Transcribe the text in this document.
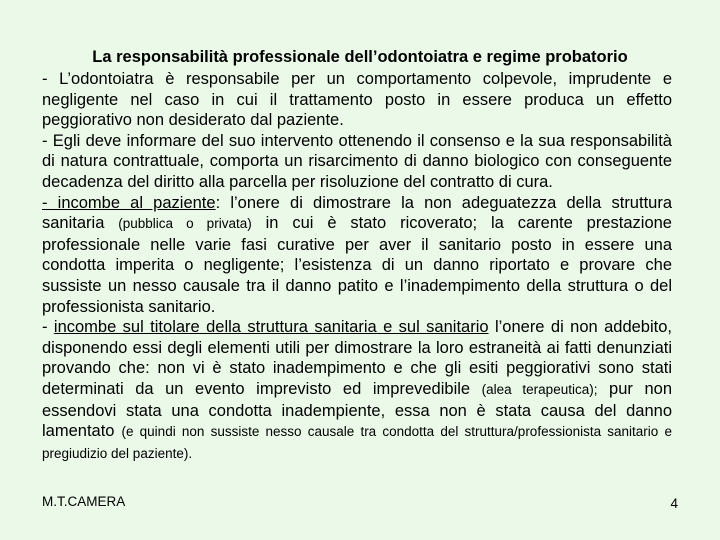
La responsabilità professionale dell’odontoiatra e regime probatorio

- L’odontoiatra è responsabile per un comportamento colpevole, imprudente e negligente nel caso in cui il trattamento posto in essere produca un effetto peggiorativo non desiderato dal paziente.

- Egli deve informare del suo intervento ottenendo il consenso e la sua responsabilità di natura contrattuale, comporta un risarcimento di danno biologico con conseguente decadenza del diritto alla parcella per risoluzione del contratto di cura.

- incombe al paziente: l’onere di dimostrare la non adeguatezza della struttura sanitaria (pubblica o privata) in cui è stato ricoverato; la carente prestazione professionale nelle varie fasi curative per aver il sanitario posto in essere una condotta imperita o negligente; l’esistenza di un danno riportato e provare che sussiste un nesso causale tra il danno patito e l’inadempimento della struttura o del professionista sanitario.

- incombe sul titolare della struttura sanitaria e sul sanitario l’onere di non addebito, disponendo essi degli elementi utili per dimostrare la loro estraneità ai fatti denunziati provando che: non vi è stato inadempimento e che gli esiti peggiorativi sono stati determinati da un evento imprevisto ed imprevedibile (alea terapeutica); pur non essendovi stata una condotta inadempiente, essa non è stata causa del danno lamentato (e quindi non sussiste nesso causale tra condotta del struttura/professionista sanitario e pregiudizio del paziente).

M.T.CAMERA	4
